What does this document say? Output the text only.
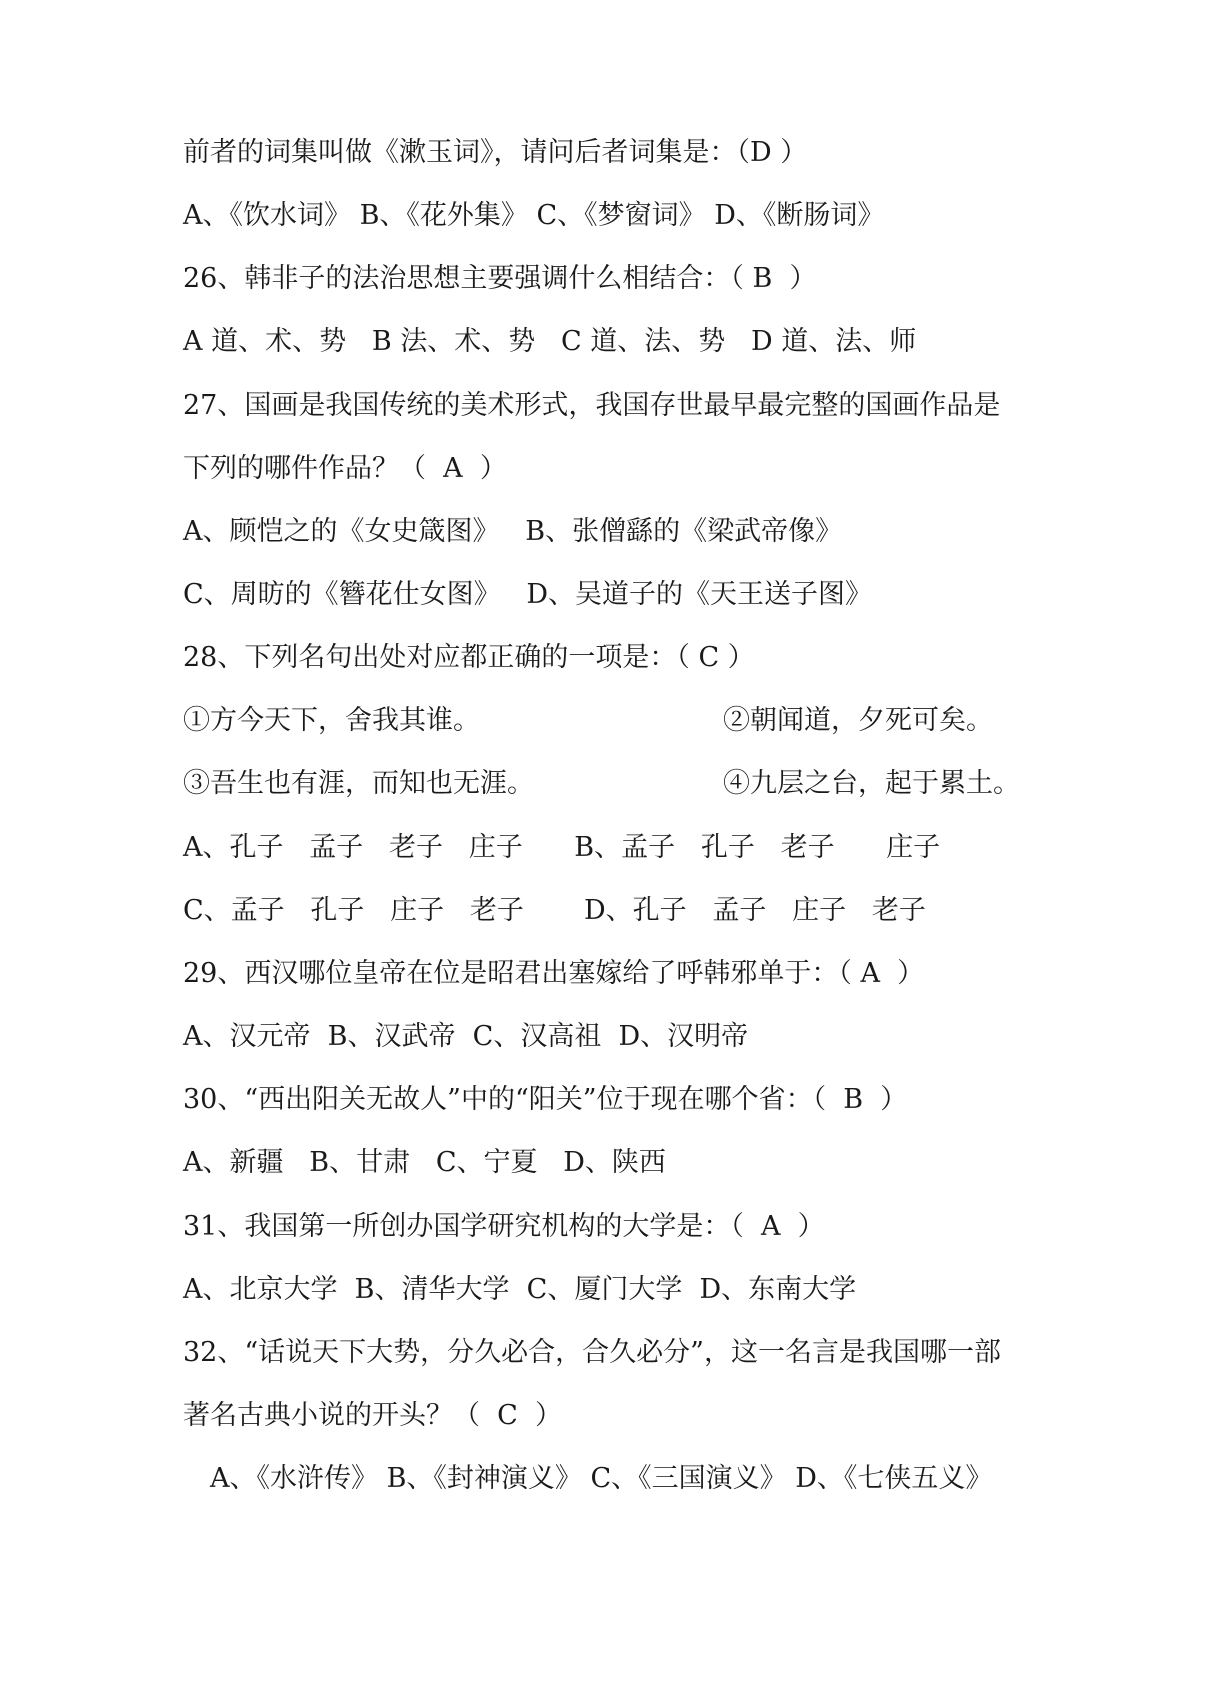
前者的词集叫做《漱玉词》，请问后者词集是：（D ）
A、《饮水词》 B、《花外集》 C、《梦窗词》 D、《断肠词》
26、韩非子的法治思想主要强调什么相结合：（ B  ）
A 道、术、势   B 法、术、势   C 道、法、势   D 道、法、师
27、国画是我国传统的美术形式，我国存世最早最完整的国画作品是
下列的哪件作品？（  A  ）
A、顾恺之的《女史箴图》   B、张僧繇的《梁武帝像》
C、周昉的《簪花仕女图》   D、吴道子的《天王送子图》
28、下列名句出处对应都正确的一项是：（ C ）
①方今天下，舍我其谁。	②朝闻道，夕死可矣。
③吾生也有涯，而知也无涯。	④九层之台，起于累土。
A、孔子   孟子   老子   庄子      B、孟子   孔子   老子      庄子
C、孟子   孔子   庄子   老子       D、孔子   孟子   庄子   老子
29、西汉哪位皇帝在位是昭君出塞嫁给了呼韩邪单于：（ A  ）
A、汉元帝  B、汉武帝  C、汉高祖  D、汉明帝
30、“西出阳关无故人”中的“阳关”位于现在哪个省：（  B  ）
A、新疆   B、甘肃   C、宁夏   D、陕西
31、我国第一所创办国学研究机构的大学是：（  A  ）
A、北京大学  B、清华大学  C、厦门大学  D、东南大学
32、“话说天下大势，分久必合，合久必分”，这一名言是我国哪一部
著名古典小说的开头？（  C  ）
A、《水浒传》 B、《封神演义》 C、《三国演义》 D、《七侠五义》
